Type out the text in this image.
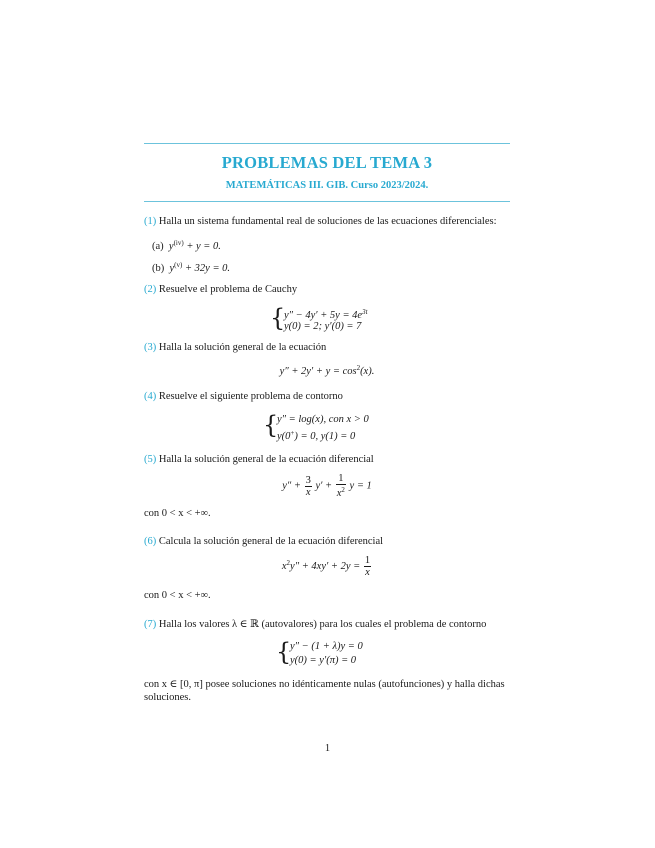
PROBLEMAS DEL TEMA 3
MATEMÁTICAS III. GIB. Curso 2023/2024.
(1) Halla un sistema fundamental real de soluciones de las ecuaciones diferenciales:
(a) $y^{(iv)} + y = 0$.
(b) $y^{(v)} + 32y = 0$.
(2) Resuelve el problema de Cauchy
{
$y'' - 4y' + 5y = 4e^{3t}$
y(0) = 2; y′(0) = 7
(3) Halla la solución general de la ecuación
$y'' + 2y' + y = \cos^2(x)$.
(4) Resuelve el siguiente problema de contorno
{
y″ = log(x), con x > 0
y(0+) = 0, y(1) = 0
(5) Halla la solución general de la ecuación diferencial
$y'' + \frac{3}{x} y' + \frac{1}{x^2}$ y = 1
con 0 < x < +∞.
(6) Calcula la solución general de la ecuación diferencial
$x^2y'' + 4xy' + 2y = \frac{1}{x}$
con 0 < x < +∞.
(7) Halla los valores λ ∈ ℝ (autovalores) para los cuales el problema de contorno
{
y″ − (1 + λ)y = 0
y(0) = y′(π) = 0
con x ∈ [0, π] posee soluciones no idénticamente nulas (autofunciones) y halla dichas
soluciones.
1
